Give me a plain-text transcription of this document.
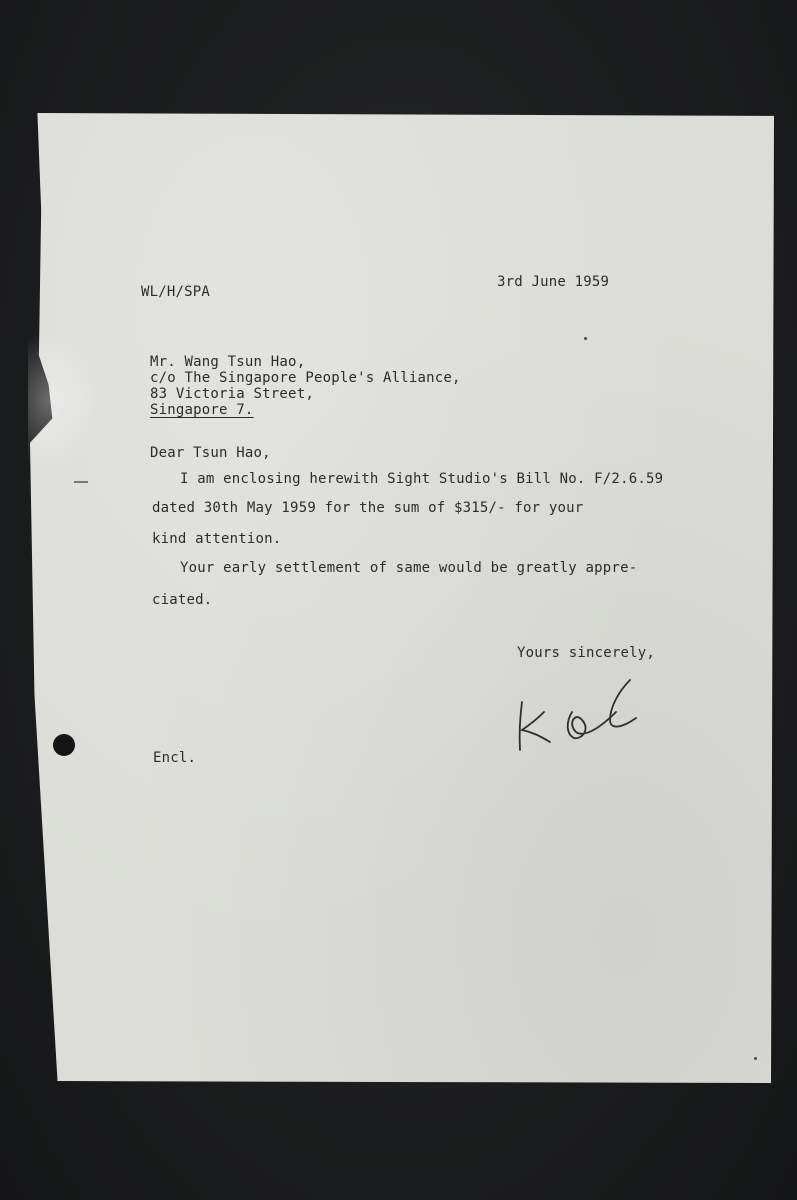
WL/H/SPA
3rd June 1959
Mr. Wang Tsun Hao,
c/o The Singapore People's Alliance,
83 Victoria Street,
Singapore 7.
Dear Tsun Hao,
I am enclosing herewith Sight Studio's Bill No. F/2.6.59
dated 30th May 1959 for the sum of $315/- for your
kind attention.
Your early settlement of same would be greatly appre-
ciated.
Yours sincerely,
Encl.
